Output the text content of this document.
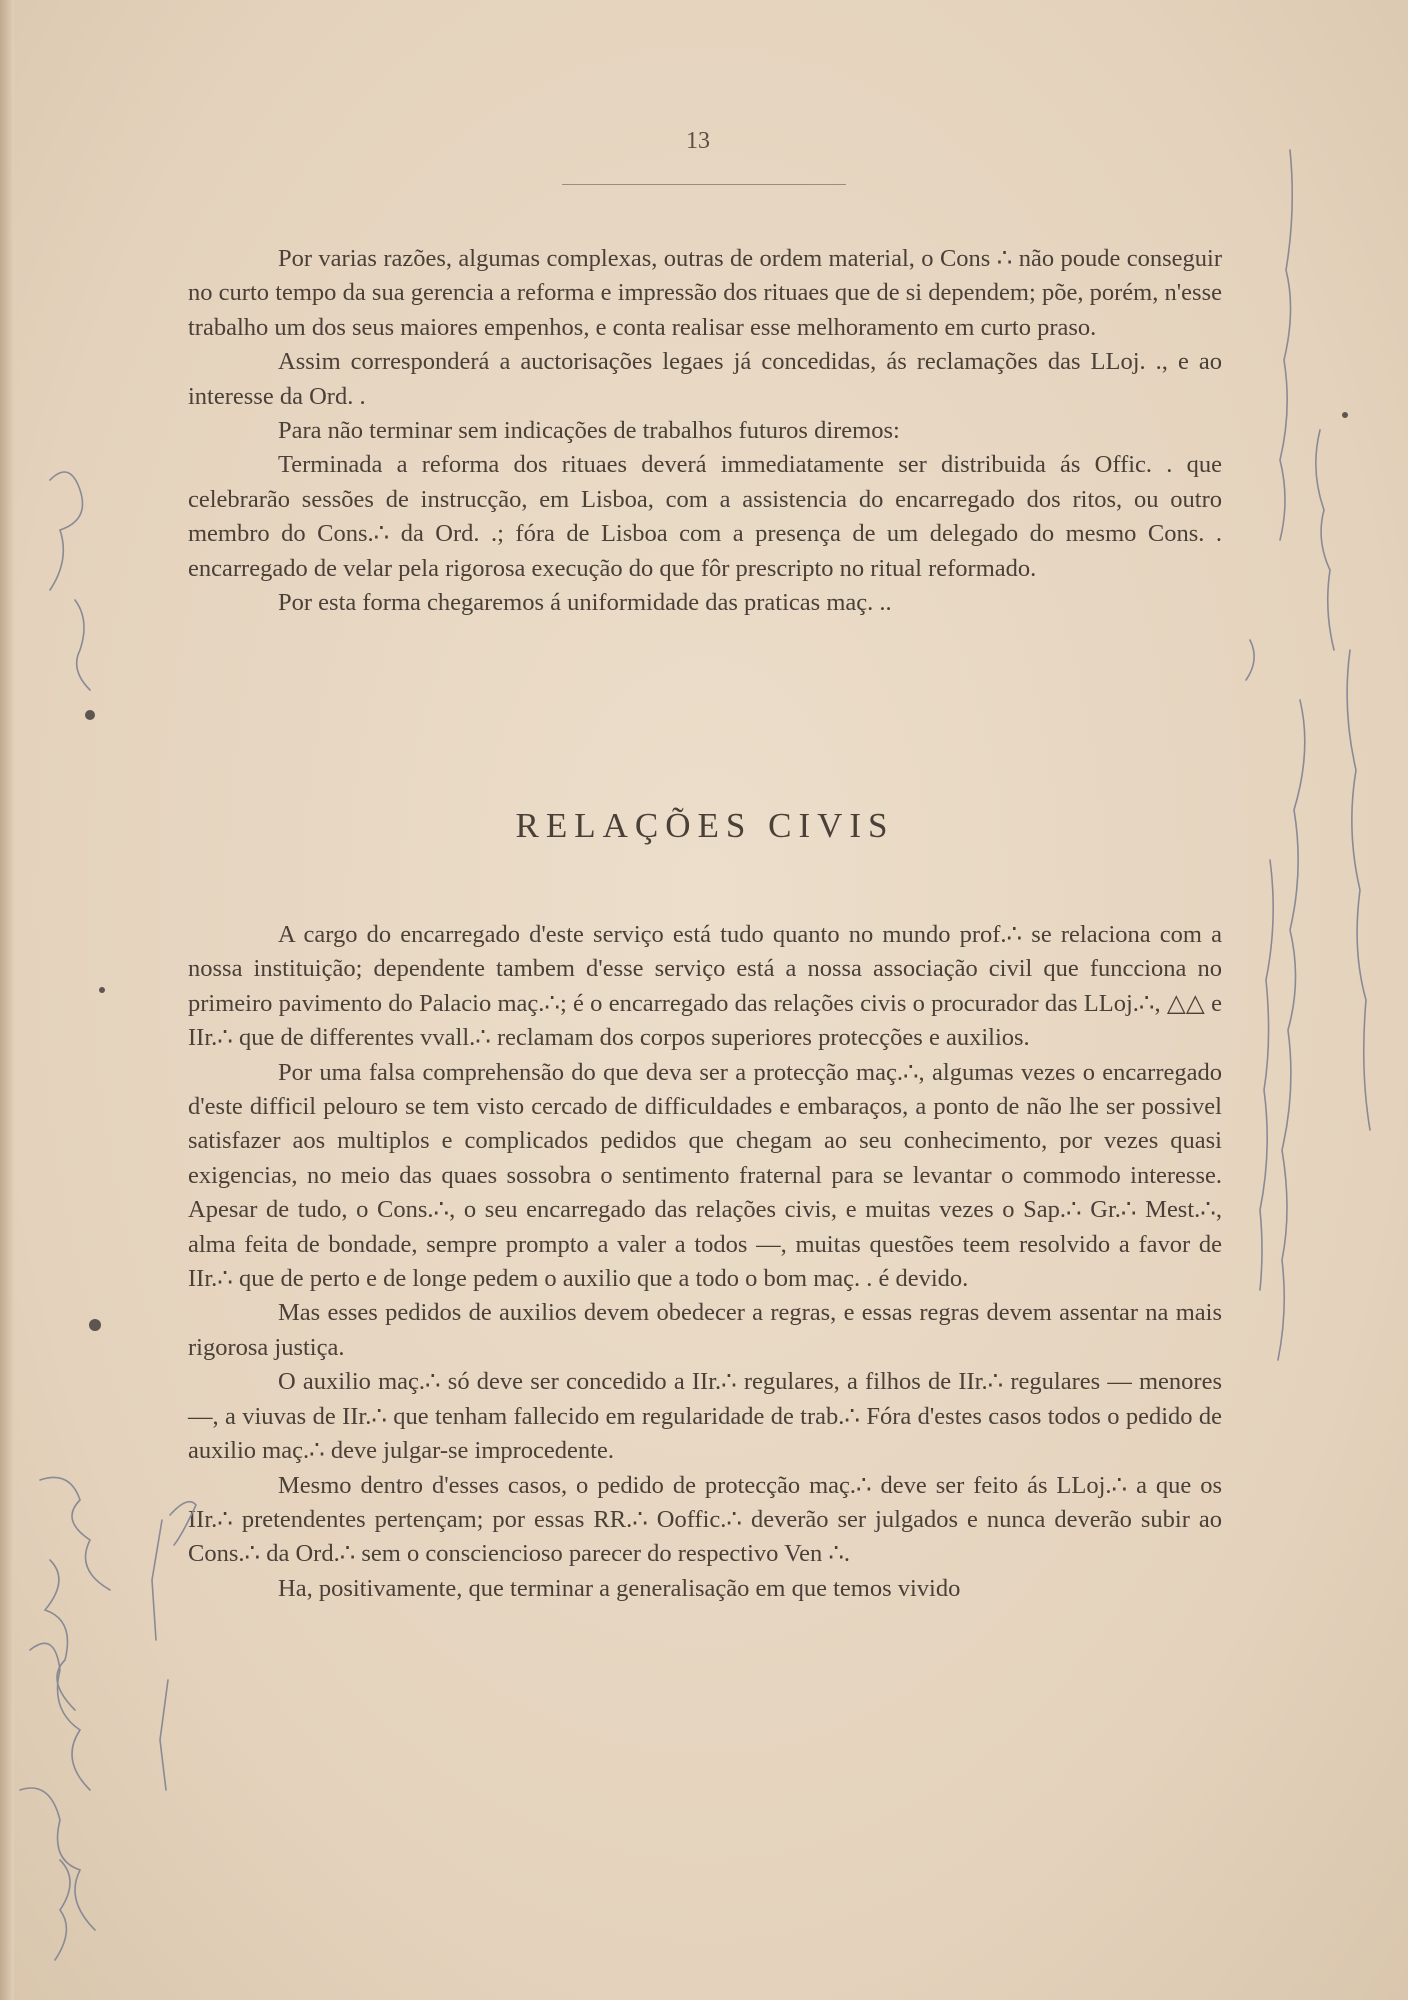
13

Por varias razões, algumas complexas, outras de ordem material, o Cons ∴ não poude conseguir no curto tempo da sua gerencia a reforma e impressão dos rituaes que de si dependem; põe, porém, n'esse trabalho um dos seus maiores empenhos, e conta realisar esse melhoramento em curto praso.

Assim corresponderá a auctorisações legaes já concedidas, ás reclamações das LLoj. ., e ao interesse da Ord. .

Para não terminar sem indicações de trabalhos futuros diremos:

Terminada a reforma dos rituaes deverá immediatamente ser distribuida ás Offic. . que celebrarão sessões de instrucção, em Lisboa, com a assistencia do encarregado dos ritos, ou outro membro do Cons.∴ da Ord. .; fóra de Lisboa com a presença de um delegado do mesmo Cons. . encarregado de velar pela rigorosa execução do que fôr prescripto no ritual reformado.

Por esta forma chegaremos á uniformidade das praticas maç. ..

RELAÇÕES CIVIS

A cargo do encarregado d'este serviço está tudo quanto no mundo prof.∴ se relaciona com a nossa instituição; dependente tambem d'esse serviço está a nossa associação civil que funcciona no primeiro pavimento do Palacio maç.∴; é o encarregado das relações civis o procurador das LLoj.∴, △△ e IIr.∴ que de differentes vvall.∴ reclamam dos corpos superiores protecções e auxilios.

Por uma falsa comprehensão do que deva ser a protecção maç.∴, algumas vezes o encarregado d'este difficil pelouro se tem visto cercado de difficuldades e embaraços, a ponto de não lhe ser possivel satisfazer aos multiplos e complicados pedidos que chegam ao seu conhecimento, por vezes quasi exigencias, no meio das quaes sossobra o sentimento fraternal para se levantar o commodo interesse. Apesar de tudo, o Cons.∴, o seu encarregado das relações civis, e muitas vezes o Sap.∴ Gr.∴ Mest.∴, alma feita de bondade, sempre prompto a valer a todos —, muitas questões teem resolvido a favor de IIr.∴ que de perto e de longe pedem o auxilio que a todo o bom maç. . é devido.

Mas esses pedidos de auxilios devem obedecer a regras, e essas regras devem assentar na mais rigorosa justiça.

O auxilio maç.∴ só deve ser concedido a IIr.∴ regulares, a filhos de IIr.∴ regulares — menores —, a viuvas de IIr.∴ que tenham fallecido em regularidade de trab.∴ Fóra d'estes casos todos o pedido de auxilio maç.∴ deve julgar-se improcedente.

Mesmo dentro d'esses casos, o pedido de protecção maç.∴ deve ser feito ás LLoj.∴ a que os IIr.∴ pretendentes pertençam; por essas RR.∴ Ooffic.∴ deverão ser julgados e nunca deverão subir ao Cons.∴ da Ord.∴ sem o consciencioso parecer do respectivo Ven ∴.

Ha, positivamente, que terminar a generalisação em que temos vivido
